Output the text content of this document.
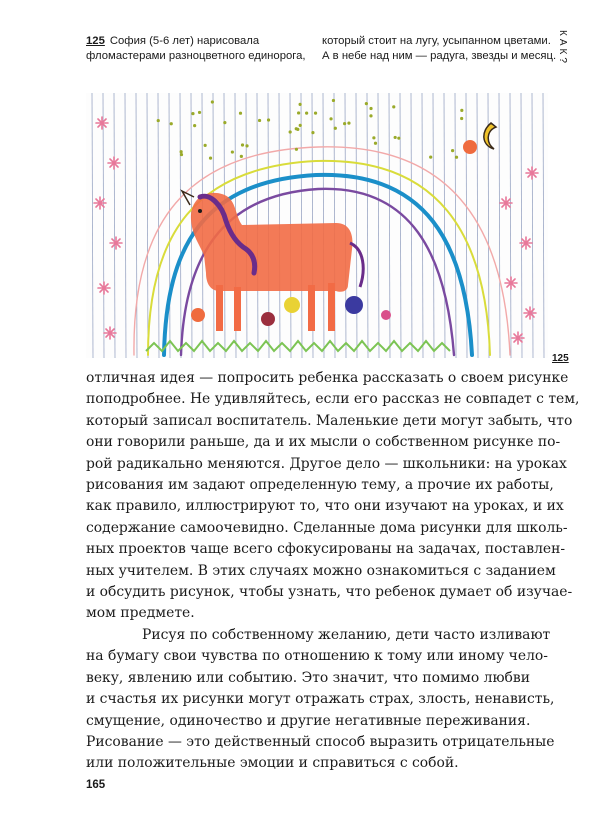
125 София (5-6 лет) нарисовала
фломастерами разноцветного единорога,
который стоит на лугу, усыпанном цветами.
А в небе над ним — радуга, звезды и месяц. КАК?
125
отличная идея — попросить ребенка рассказать о своем рисунке
поподробнее. Не удивляйтесь, если его рассказ не совпадет с тем,
который записал воспитатель. Маленькие дети могут забыть, что
они говорили раньше, да и их мысли о собственном рисунке по-
рой радикально меняются. Другое дело — школьники: на уроках
рисования им задают определенную тему, а прочие их работы,
как правило, иллюстрируют то, что они изучают на уроках, и их
содержание самоочевидно. Сделанные дома рисунки для школь-
ных проектов чаще всего сфокусированы на задачах, поставлен-
ных учителем. В этих случаях можно ознакомиться с заданием
и обсудить рисунок, чтобы узнать, что ребенок думает об изучае-
мом предмете.
Рисуя по собственному желанию, дети часто изливают
на бумагу свои чувства по отношению к тому или иному чело-
веку, явлению или событию. Это значит, что помимо любви
и счастья их рисунки могут отражать страх, злость, ненависть,
смущение, одиночество и другие негативные переживания.
Рисование — это действенный способ выразить отрицательные
или положительные эмоции и справиться с собой.
165
